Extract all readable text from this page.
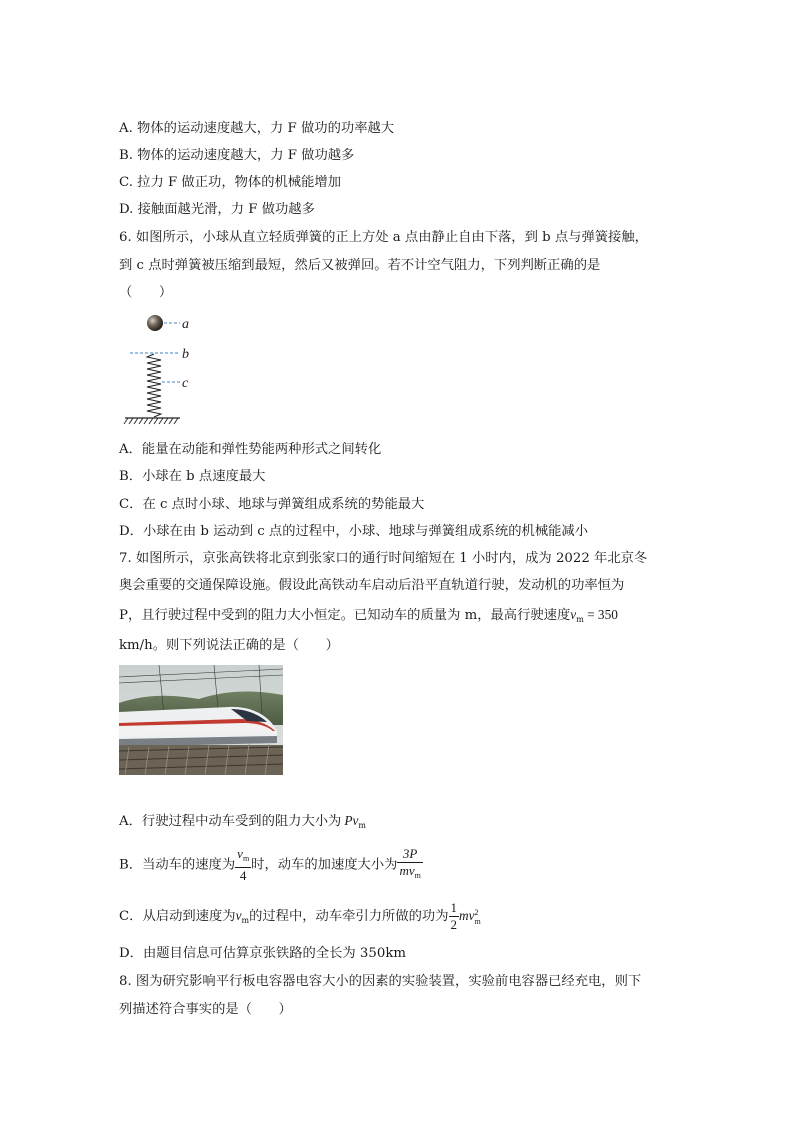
A. 物体的运动速度越大，力 F 做功的功率越大
B. 物体的运动速度越大，力 F 做功越多
C. 拉力 F 做正功，物体的机械能增加
D. 接触面越光滑，力 F 做功越多
6. 如图所示，小球从直立轻质弹簧的正上方处 a 点由静止自由下落，到 b 点与弹簧接触，
到 c 点时弹簧被压缩到最短，然后又被弹回。若不计空气阻力，下列判断正确的是
（　　）
a
b
c
A．能量在动能和弹性势能两种形式之间转化
B．小球在 b 点速度最大
C．在 c 点时小球、地球与弹簧组成系统的势能最大
D．小球在由 b 运动到 c 点的过程中，小球、地球与弹簧组成系统的机械能减小
7. 如图所示，京张高铁将北京到张家口的通行时间缩短在 1 小时内，成为 2022 年北京冬
奥会重要的交通保障设施。假设此高铁动车启动后沿平直轨道行驶，发动机的功率恒为
P，且行驶过程中受到的阻力大小恒定。已知动车的质量为 m，最高行驶速度$v_m = 350$
km/h。则下列说法正确的是（　　）
A．行驶过程中动车受到的阻力大小为 $Pv_m$
B．当动车的速度为 $\frac{v_m}{4}$ 时，动车的加速度大小为 $\frac{3P}{mv_m}$
C．从启动到速度为$v_m$的过程中，动车牵引力所做的功为 $\frac{1}{2}$ mv 2
m
D．由题目信息可估算京张铁路的全长为 350km
8. 图为研究影响平行板电容器电容大小的因素的实验装置，实验前电容器已经充电，则下
列描述符合事实的是（　　）
